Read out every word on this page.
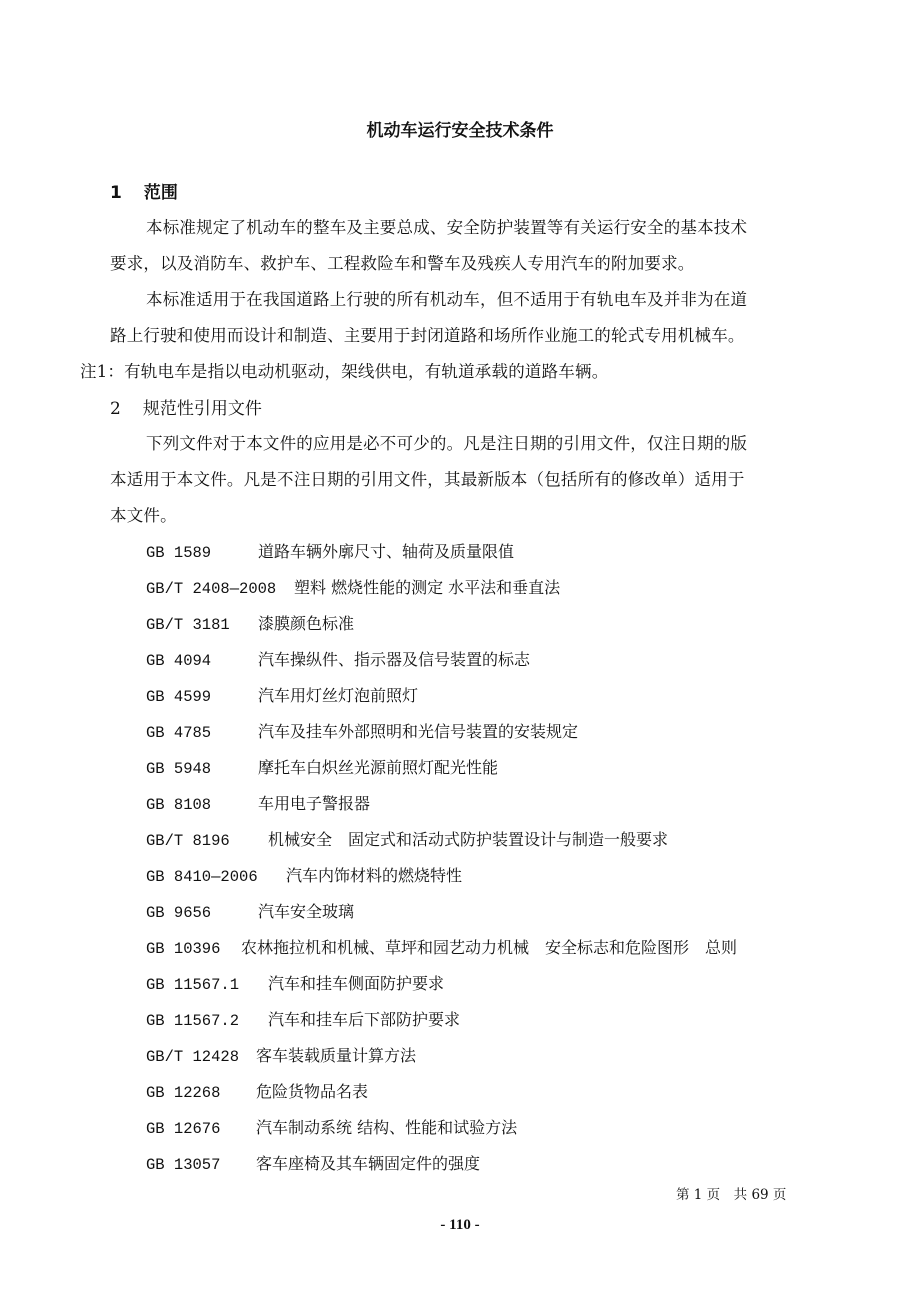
机动车运行安全技术条件
1 范围
本标准规定了机动车的整车及主要总成、安全防护装置等有关运行安全的基本技术
要求，以及消防车、救护车、工程救险车和警车及残疾人专用汽车的附加要求。
本标准适用于在我国道路上行驶的所有机动车，但不适用于有轨电车及并非为在道
路上行驶和使用而设计和制造、主要用于封闭道路和场所作业施工的轮式专用机械车。
注1：有轨电车是指以电动机驱动，架线供电，有轨道承载的道路车辆。
2 规范性引用文件
下列文件对于本文件的应用是必不可少的。凡是注日期的引用文件，仅注日期的版
本适用于本文件。凡是不注日期的引用文件，其最新版本（包括所有的修改单）适用于
本文件。
GB 1589	道路车辆外廓尺寸、轴荷及质量限值
GB/T 2408—2008 塑料 燃烧性能的测定 水平法和垂直法
GB/T 3181 漆膜颜色标准
GB 4094	汽车操纵件、指示器及信号装置的标志
GB 4599	汽车用灯丝灯泡前照灯
GB 4785	汽车及挂车外部照明和光信号装置的安装规定
GB 5948	摩托车白炽丝光源前照灯配光性能
GB 8108	车用电子警报器
GB/T 8196 机械安全　固定式和活动式防护装置设计与制造一般要求
GB 8410—2006 汽车内饰材料的燃烧特性
GB 9656	汽车安全玻璃
GB 10396 农林拖拉机和机械、草坪和园艺动力机械　安全标志和危险图形　总则
GB 11567.1 汽车和挂车侧面防护要求
GB 11567.2 汽车和挂车后下部防护要求
GB/T 12428 客车装载质量计算方法
GB 12268 危险货物品名表
GB 12676 汽车制动系统 结构、性能和试验方法
GB 13057 客车座椅及其车辆固定件的强度
第 1 页　共 69 页
- 110 -
